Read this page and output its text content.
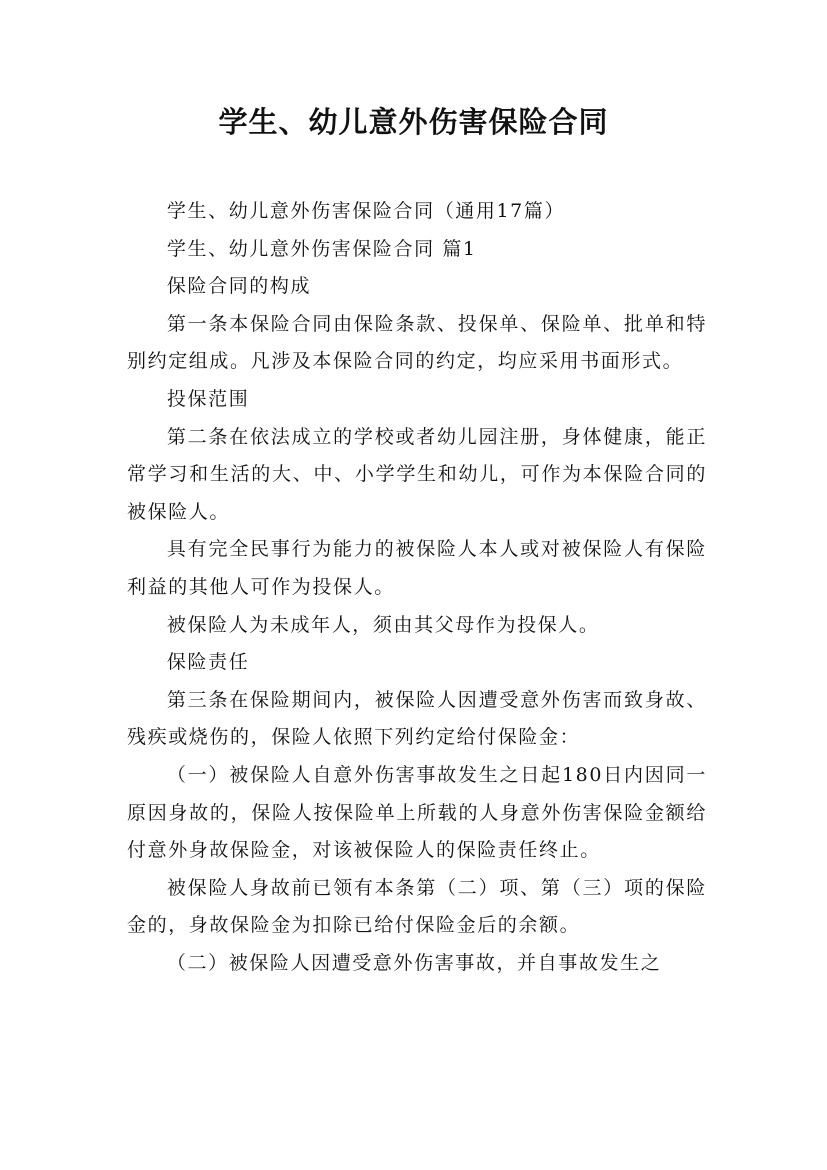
学生、幼儿意外伤害保险合同

学生、幼儿意外伤害保险合同（通用17篇）

学生、幼儿意外伤害保险合同 篇1

保险合同的构成

第一条本保险合同由保险条款、投保单、保险单、批单和特别约定组成。凡涉及本保险合同的约定，均应采用书面形式。

投保范围

第二条在依法成立的学校或者幼儿园注册，身体健康，能正常学习和生活的大、中、小学学生和幼儿，可作为本保险合同的被保险人。

具有完全民事行为能力的被保险人本人或对被保险人有保险利益的其他人可作为投保人。

被保险人为未成年人，须由其父母作为投保人。

保险责任

第三条在保险期间内，被保险人因遭受意外伤害而致身故、残疾或烧伤的，保险人依照下列约定给付保险金：

（一）被保险人自意外伤害事故发生之日起180日内因同一原因身故的，保险人按保险单上所载的人身意外伤害保险金额给付意外身故保险金，对该被保险人的保险责任终止。

被保险人身故前已领有本条第（二）项、第（三）项的保险金的，身故保险金为扣除已给付保险金后的余额。

（二）被保险人因遭受意外伤害事故，并自事故发生之
